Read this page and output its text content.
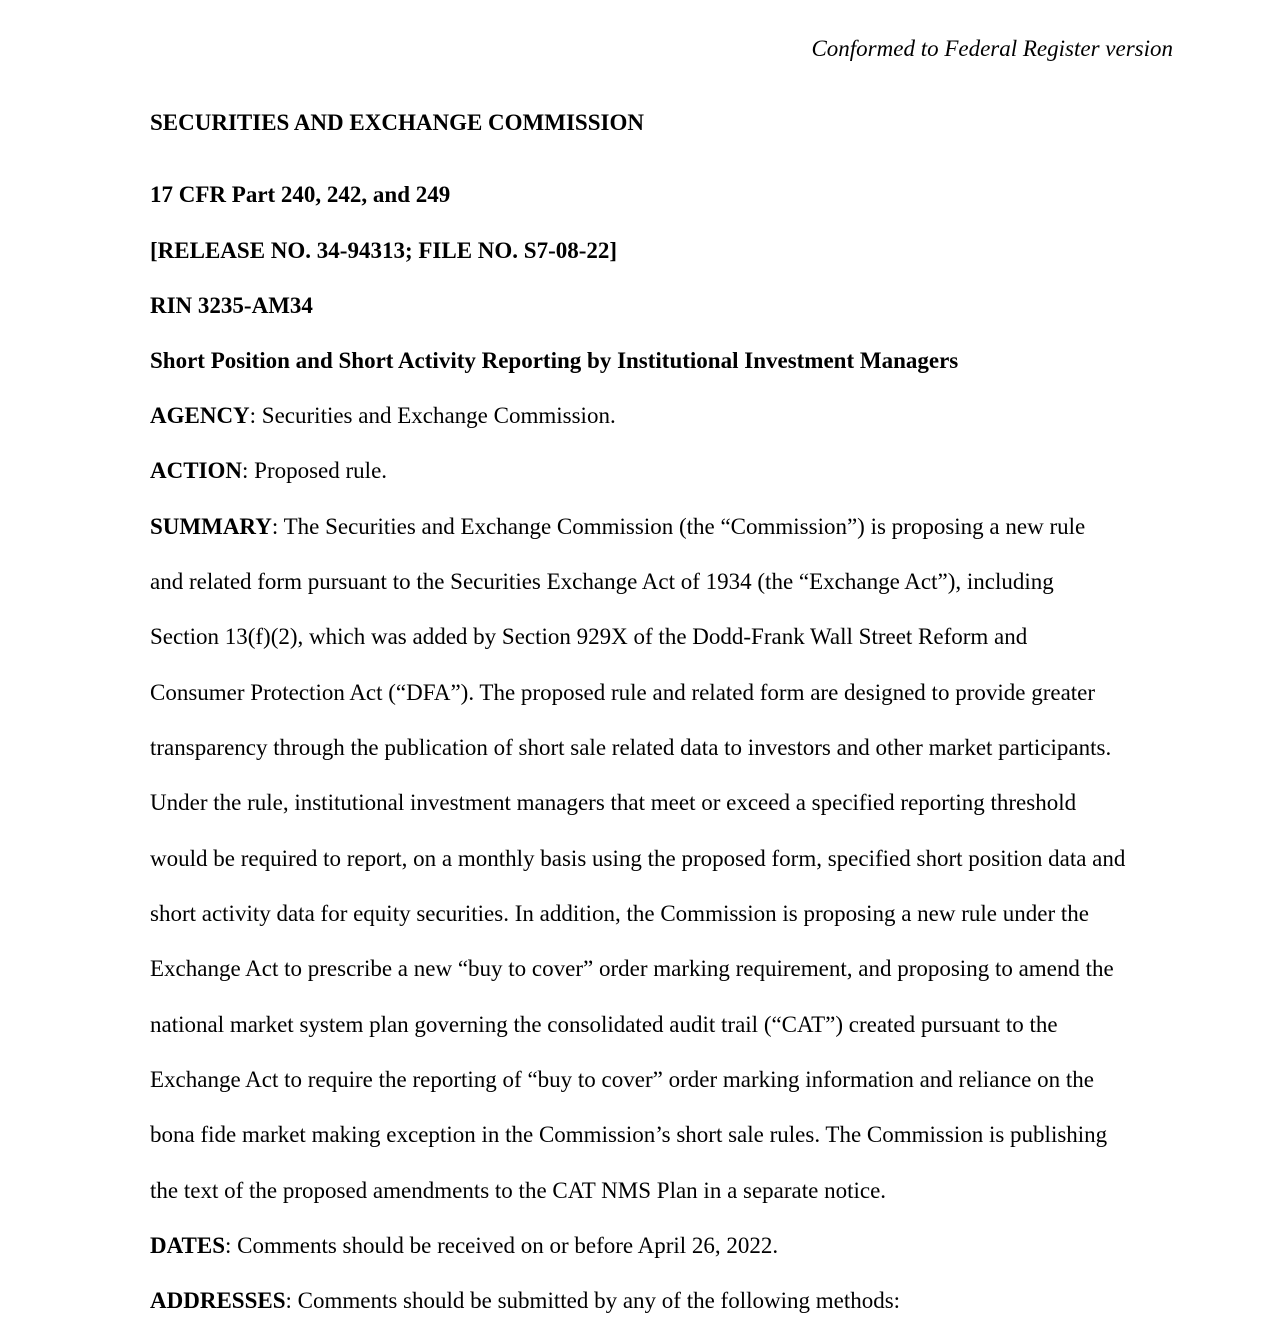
Conformed to Federal Register version
SECURITIES AND EXCHANGE COMMISSION
17 CFR Part 240, 242, and 249
[RELEASE NO. 34-94313; FILE NO. S7-08-22]
RIN 3235-AM34
Short Position and Short Activity Reporting by Institutional Investment Managers
AGENCY: Securities and Exchange Commission.
ACTION: Proposed rule.
SUMMARY: The Securities and Exchange Commission (the “Commission”) is proposing a new rule
and related form pursuant to the Securities Exchange Act of 1934 (the “Exchange Act”), including
Section 13(f)(2), which was added by Section 929X of the Dodd-Frank Wall Street Reform and
Consumer Protection Act (“DFA”). The proposed rule and related form are designed to provide greater
transparency through the publication of short sale related data to investors and other market participants.
Under the rule, institutional investment managers that meet or exceed a specified reporting threshold
would be required to report, on a monthly basis using the proposed form, specified short position data and
short activity data for equity securities. In addition, the Commission is proposing a new rule under the
Exchange Act to prescribe a new “buy to cover” order marking requirement, and proposing to amend the
national market system plan governing the consolidated audit trail (“CAT”) created pursuant to the
Exchange Act to require the reporting of “buy to cover” order marking information and reliance on the
bona fide market making exception in the Commission’s short sale rules. The Commission is publishing
the text of the proposed amendments to the CAT NMS Plan in a separate notice.
DATES: Comments should be received on or before April 26, 2022.
ADDRESSES: Comments should be submitted by any of the following methods:
